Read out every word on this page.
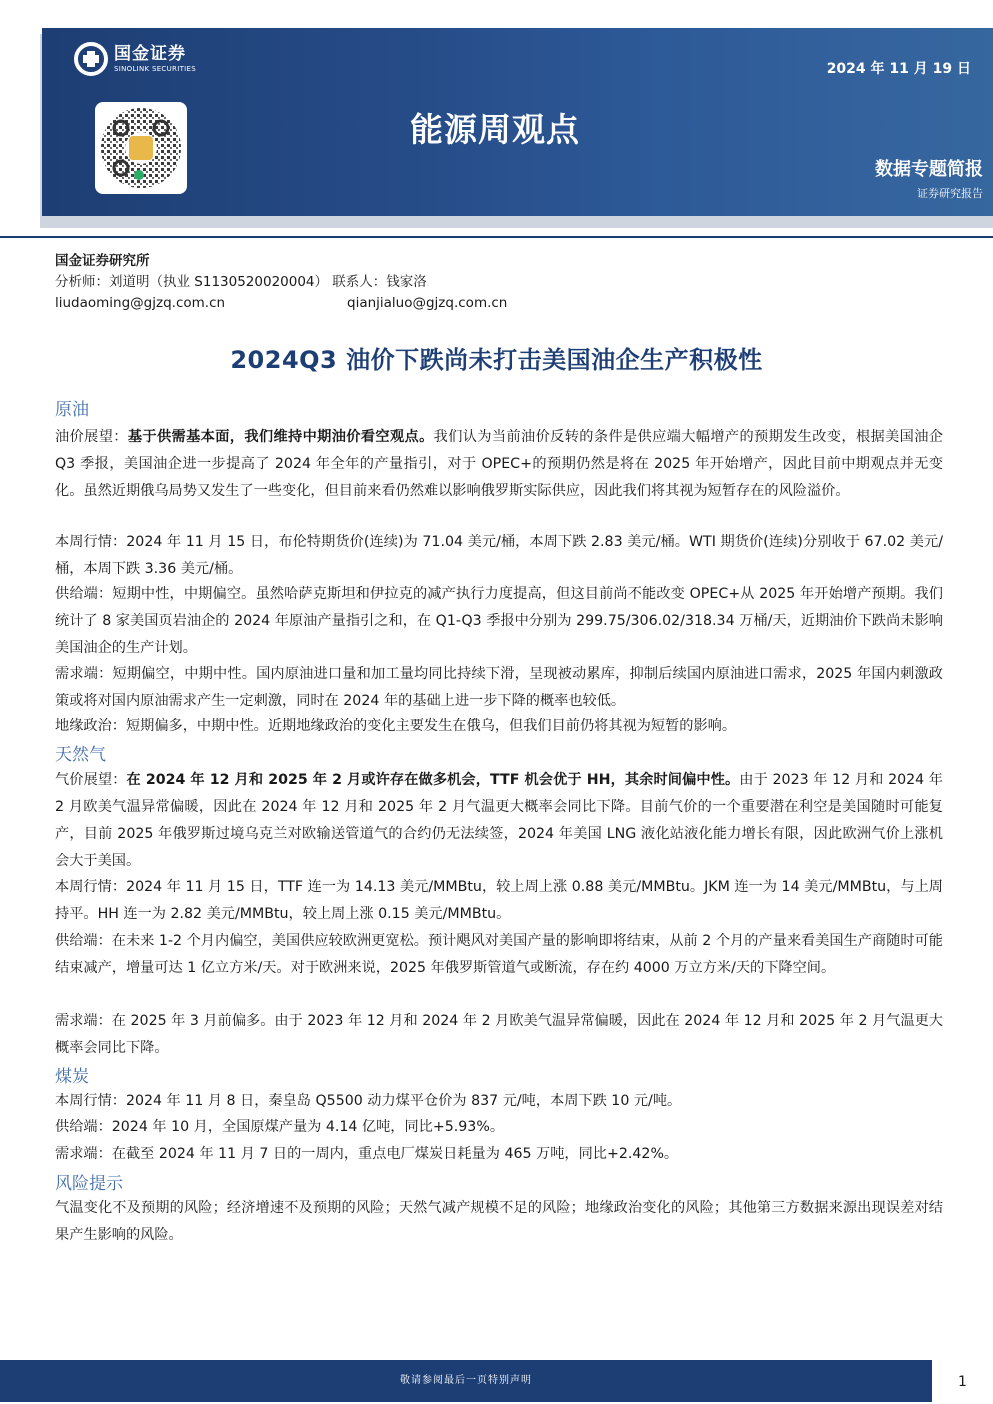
国金证券
SINOLINK SECURITIES	2024 年 11 月 19 日
能源周观点
数据专题简报
证券研究报告
国金证券研究所
分析师：刘道明（执业 S1130520020004） 联系人：钱家洛
liudaoming@gjzq.com.cn	qianjialuo@gjzq.com.cn
2024Q3 油价下跌尚未打击美国油企生产积极性
原油
油价展望：基于供需基本面，我们维持中期油价看空观点。我们认为当前油价反转的条件是供应端大幅增产的预期发生改变，根据美国油企 Q3 季报，美国油企进一步提高了 2024 年全年的产量指引，对于 OPEC+的预期仍然是将在 2025 年开始增产，因此目前中期观点并无变化。虽然近期俄乌局势又发生了一些变化，但目前来看仍然难以影响俄罗斯实际供应，因此我们将其视为短暂存在的风险溢价。
本周行情：2024 年 11 月 15 日，布伦特期货价(连续)为 71.04 美元/桶，本周下跌 2.83 美元/桶。WTI 期货价(连续)分别收于 67.02 美元/桶，本周下跌 3.36 美元/桶。
供给端：短期中性，中期偏空。虽然哈萨克斯坦和伊拉克的减产执行力度提高，但这目前尚不能改变 OPEC+从 2025 年开始增产预期。我们统计了 8 家美国页岩油企的 2024 年原油产量指引之和，在 Q1-Q3 季报中分别为 299.75/306.02/318.34 万桶/天，近期油价下跌尚未影响美国油企的生产计划。
需求端：短期偏空，中期中性。国内原油进口量和加工量均同比持续下滑，呈现被动累库，抑制后续国内原油进口需求，2025 年国内刺激政策或将对国内原油需求产生一定刺激，同时在 2024 年的基础上进一步下降的概率也较低。
地缘政治：短期偏多，中期中性。近期地缘政治的变化主要发生在俄乌，但我们目前仍将其视为短暂的影响。
天然气
气价展望：在 2024 年 12 月和 2025 年 2 月或许存在做多机会，TTF 机会优于 HH，其余时间偏中性。由于 2023 年 12 月和 2024 年 2 月欧美气温异常偏暖，因此在 2024 年 12 月和 2025 年 2 月气温更大概率会同比下降。目前气价的一个重要潜在利空是美国随时可能复产，目前 2025 年俄罗斯过境乌克兰对欧输送管道气的合约仍无法续签，2024 年美国 LNG 液化站液化能力增长有限，因此欧洲气价上涨机会大于美国。
本周行情：2024 年 11 月 15 日，TTF 连一为 14.13 美元/MMBtu，较上周上涨 0.88 美元/MMBtu。JKM 连一为 14 美元/MMBtu，与上周持平。HH 连一为 2.82 美元/MMBtu，较上周上涨 0.15 美元/MMBtu。
供给端：在未来 1-2 个月内偏空，美国供应较欧洲更宽松。预计飓风对美国产量的影响即将结束，从前 2 个月的产量来看美国生产商随时可能结束减产，增量可达 1 亿立方米/天。对于欧洲来说，2025 年俄罗斯管道气或断流，存在约 4000 万立方米/天的下降空间。
需求端：在 2025 年 3 月前偏多。由于 2023 年 12 月和 2024 年 2 月欧美气温异常偏暖，因此在 2024 年 12 月和 2025 年 2 月气温更大概率会同比下降。
煤炭
本周行情：2024 年 11 月 8 日，秦皇岛 Q5500 动力煤平仓价为 837 元/吨，本周下跌 10 元/吨。
供给端：2024 年 10 月，全国原煤产量为 4.14 亿吨，同比+5.93%。
需求端：在截至 2024 年 11 月 7 日的一周内，重点电厂煤炭日耗量为 465 万吨，同比+2.42%。
风险提示
气温变化不及预期的风险；经济增速不及预期的风险；天然气减产规模不足的风险；地缘政治变化的风险；其他第三方数据来源出现误差对结果产生影响的风险。
敬请参阅最后一页特别声明	1
